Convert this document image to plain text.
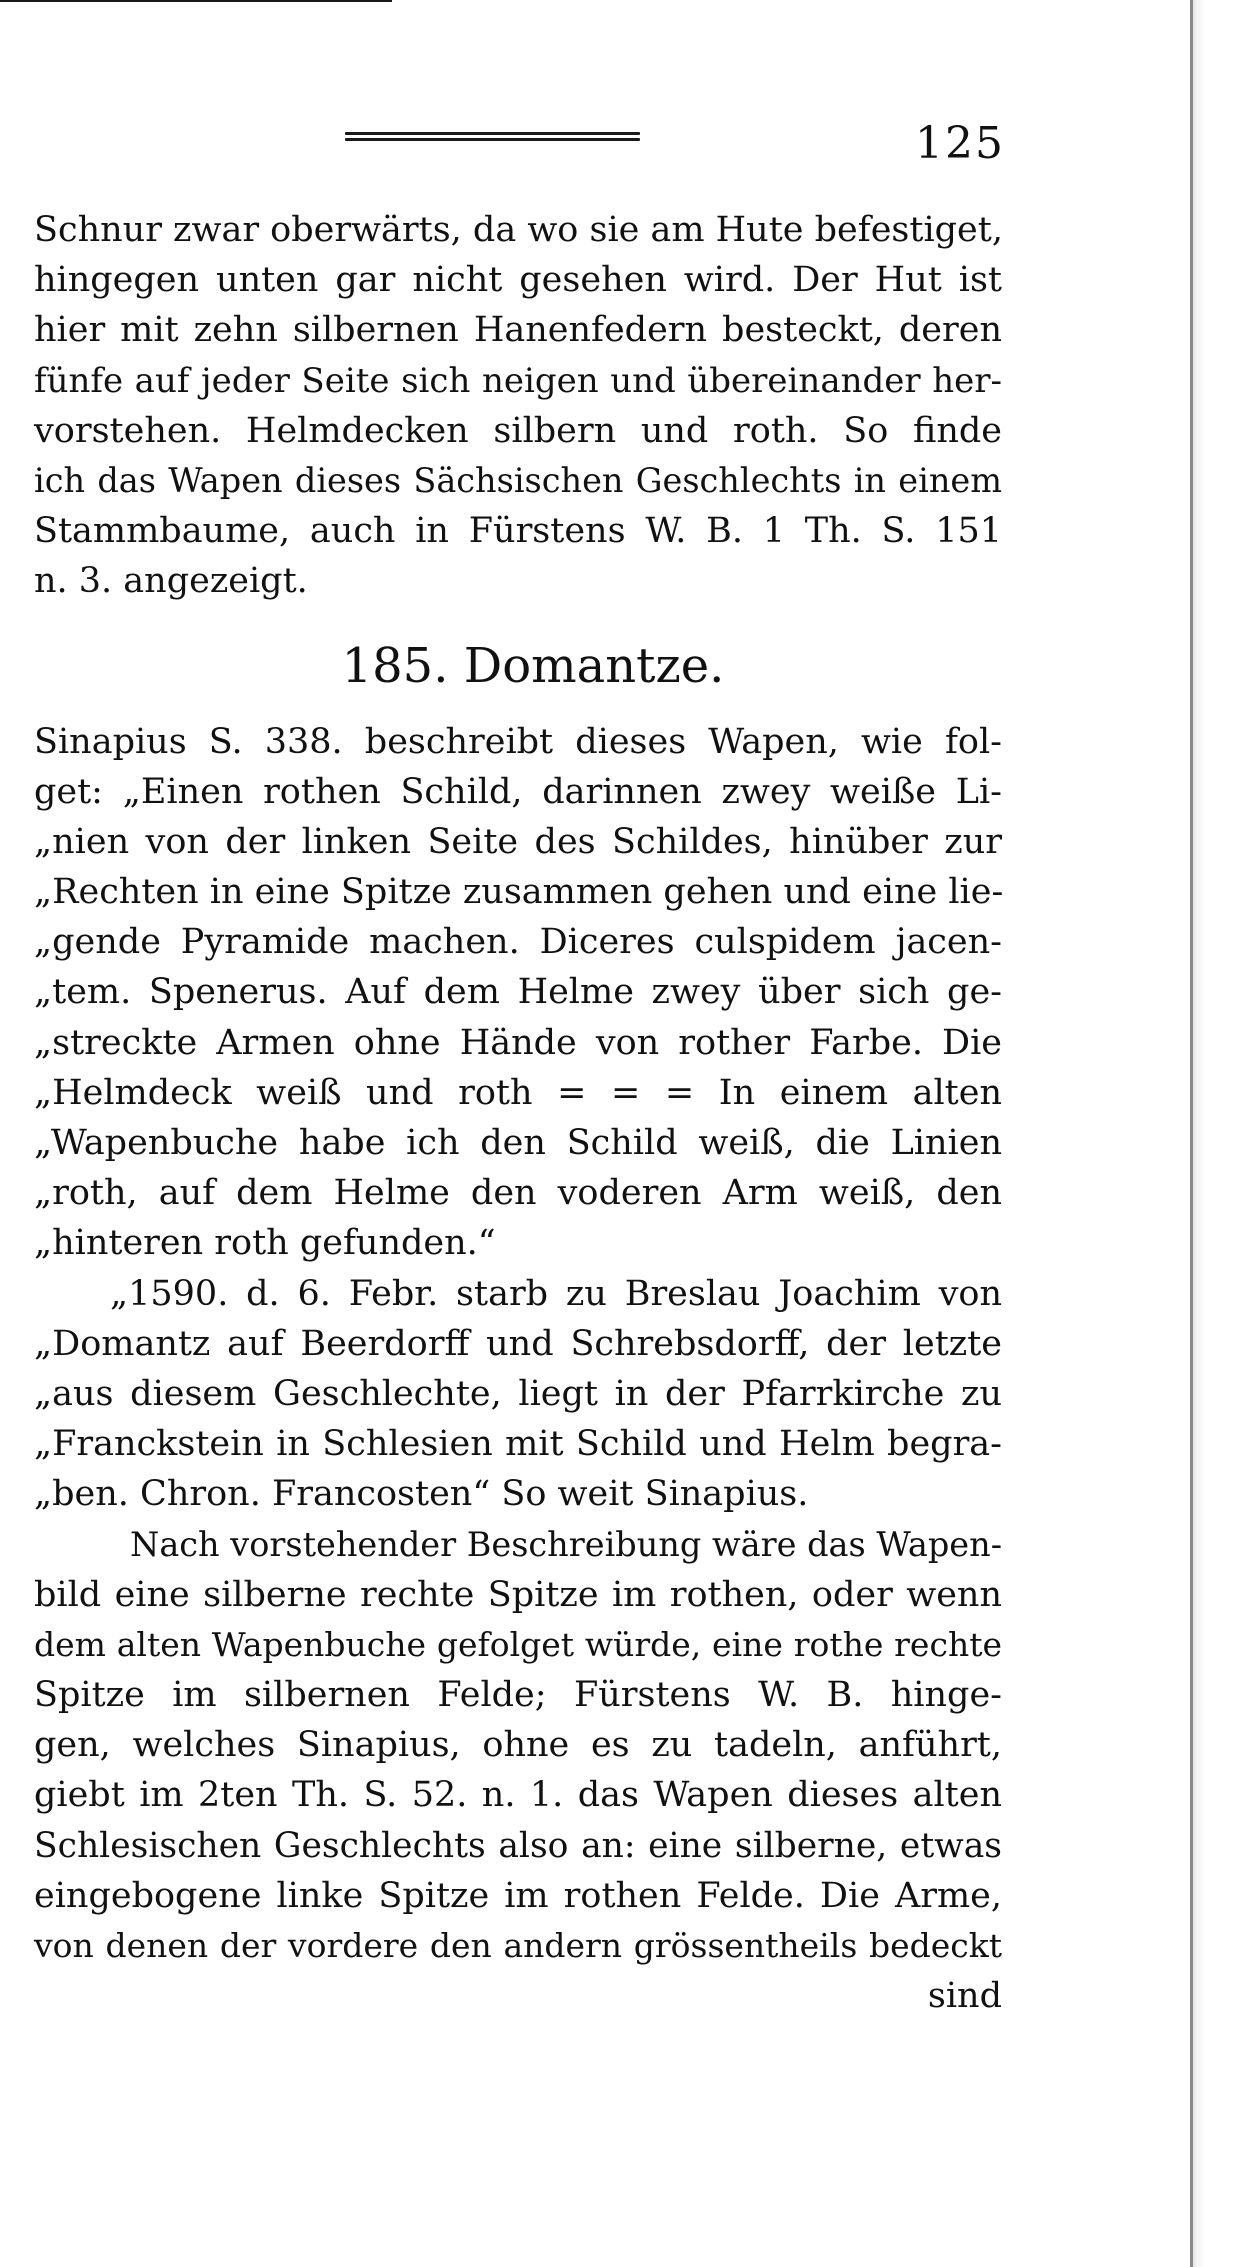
125
Schnur zwar oberwärts, da wo sie am Hute befestiget,
hingegen unten gar nicht gesehen wird. Der Hut ist
hier mit zehn silbernen Hanenfedern besteckt, deren
fünfe auf jeder Seite sich neigen und übereinander her-
vorstehen. Helmdecken silbern und roth. So finde
ich das Wapen dieses Sächsischen Geschlechts in einem
Stammbaume, auch in Fürstens W. B. 1 Th. S. 151
n. 3. angezeigt.
185. Domantze.
Sinapius S. 338. beschreibt dieses Wapen, wie fol-
get: „Einen rothen Schild, darinnen zwey weiße Li-
„nien von der linken Seite des Schildes, hinüber zur
„Rechten in eine Spitze zusammen gehen und eine lie-
„gende Pyramide machen. Diceres culspidem jacen-
„tem. Spenerus. Auf dem Helme zwey über sich ge-
„streckte Armen ohne Hände von rother Farbe. Die
„Helmdeck weiß und roth = = = In einem alten
„Wapenbuche habe ich den Schild weiß, die Linien
„roth, auf dem Helme den voderen Arm weiß, den
„hinteren roth gefunden.“
„1590. d. 6. Febr. starb zu Breslau Joachim von
„Domantz auf Beerdorff und Schrebsdorff, der letzte
„aus diesem Geschlechte, liegt in der Pfarrkirche zu
„Franckstein in Schlesien mit Schild und Helm begra-
„ben. Chron. Francosten“ So weit Sinapius.
Nach vorstehender Beschreibung wäre das Wapen-
bild eine silberne rechte Spitze im rothen, oder wenn
dem alten Wapenbuche gefolget würde, eine rothe rechte
Spitze im silbernen Felde; Fürstens W. B. hinge-
gen, welches Sinapius, ohne es zu tadeln, anführt,
giebt im 2ten Th. S. 52. n. 1. das Wapen dieses alten
Schlesischen Geschlechts also an: eine silberne, etwas
eingebogene linke Spitze im rothen Felde. Die Arme,
von denen der vordere den andern grössentheils bedeckt
sind
